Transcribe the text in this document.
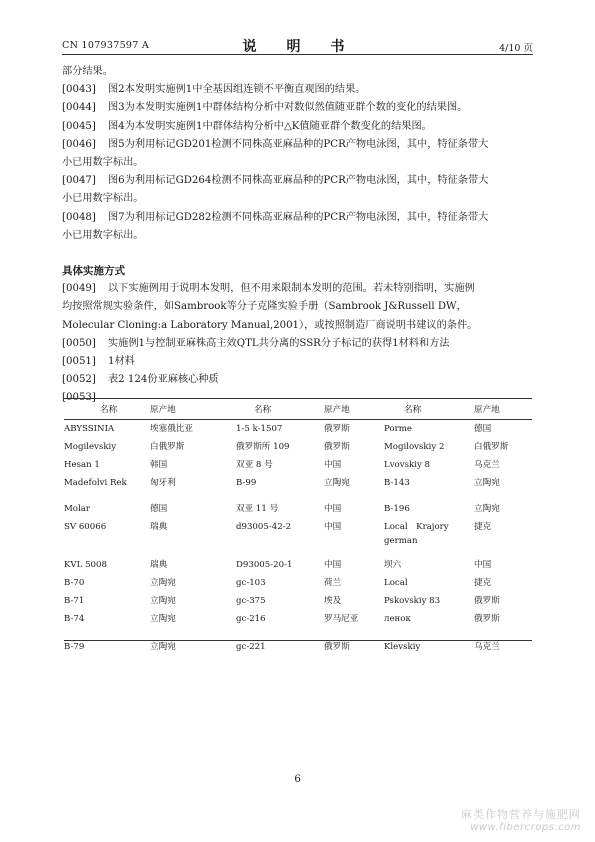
CN 107937597 A	说　明　书	4/10 页
部分结果。
[0043]	图2本发明实施例1中全基因组连锁不平衡直观图的结果。
[0044]	图3为本发明实施例1中群体结构分析中对数似然值随亚群个数的变化的结果图。
[0045]	图4为本发明实施例1中群体结构分析中△K值随亚群个数变化的结果图。
[0046]	图5为利用标记GD201检测不同株高亚麻品种的PCR产物电泳图，其中，特征条带大
小已用数字标出。
[0047]	图6为利用标记GD264检测不同株高亚麻品种的PCR产物电泳图，其中，特征条带大
小已用数字标出。
[0048]	图7为利用标记GD282检测不同株高亚麻品种的PCR产物电泳图，其中，特征条带大
小已用数字标出。
具体实施方式
[0049]	以下实施例用于说明本发明，但不用来限制本发明的范围。若未特别指明，实施例
均按照常规实验条件，如Sambrook等分子克隆实验手册（Sambrook J&Russell DW，
Molecular Cloning:a Laboratory Manual,2001），或按照制造厂商说明书建议的条件。
[0050]	实施例1与控制亚麻株高主效QTL共分离的SSR分子标记的获得1材料和方法
[0051]	1材料
[0052]	表2 124份亚麻核心种质
[0053]
名称	原产地	名称	原产地	名称	原产地
ABYSSINIA	埃塞俄比亚	1-5 k-1507	俄罗斯	Porme	德国
Mogilevskiy	白俄罗斯	俄罗斯所 109	俄罗斯	Mogilovskiy 2	白俄罗斯
Hesan 1	韩国	双亚 8 号	中国	Lvovskiy 8	乌克兰
Madefolvi Rek	匈牙利	B-99	立陶宛	B-143	立陶宛
Molar	德国	双亚 11 号	中国	B-196	立陶宛
SV 60066	瑞典	d93005-42-2	中国	Local　Krajory german	捷克
KVL 5008	瑞典	D93005-20-1	中国	坝六	中国
B-70	立陶宛	gc-103	荷兰	Local	捷克
B-71	立陶宛	gc-375	埃及	Pskovskiy 83	俄罗斯
B-74	立陶宛	gc-216	罗马尼亚	ленок	俄罗斯
B-79	立陶宛	gc-221	俄罗斯	Klevskiy	乌克兰
6
麻类作物营养与施肥网
www.fibercrops.com
